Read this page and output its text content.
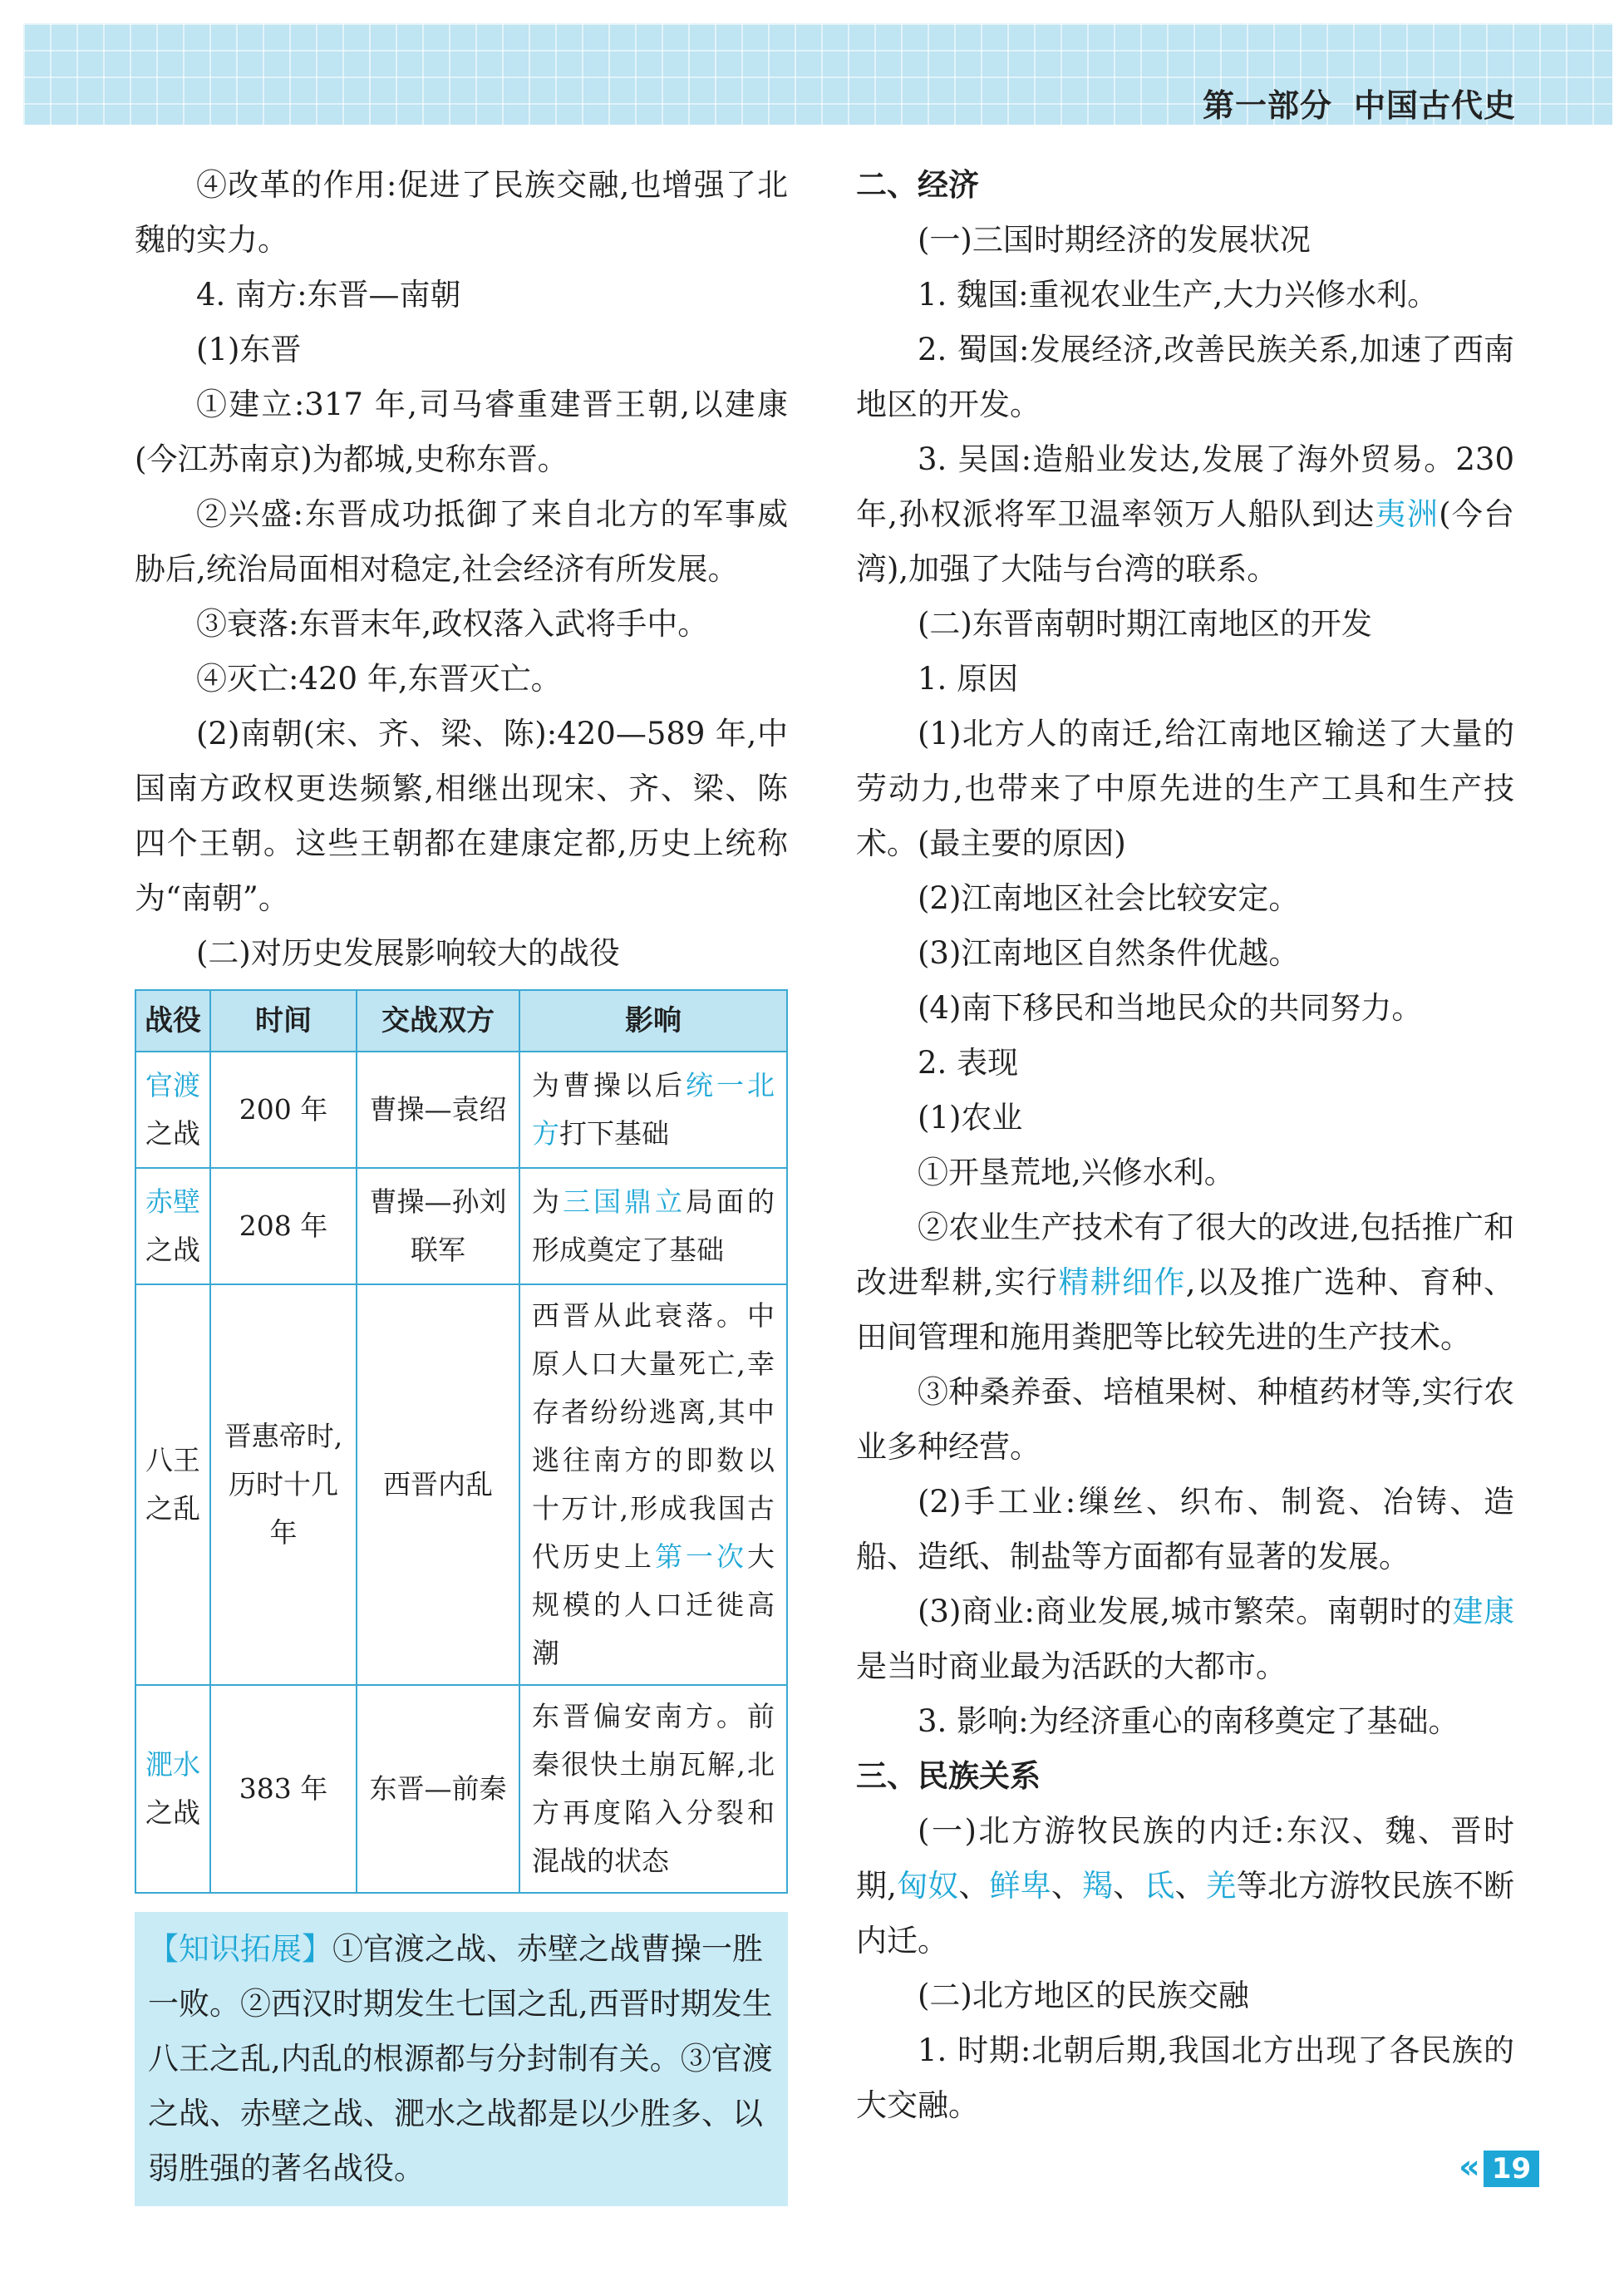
第一部分 中国古代史

④改革的作用:促进了民族交融,也增强了北魏的实力。

4. 南方:东晋—南朝

(1)东晋

①建立:317 年,司马睿重建晋王朝,以建康(今江苏南京)为都城,史称东晋。

②兴盛:东晋成功抵御了来自北方的军事威胁后,统治局面相对稳定,社会经济有所发展。

③衰落:东晋末年,政权落入武将手中。

④灭亡:420 年,东晋灭亡。

(2)南朝(宋、齐、梁、陈):420—589 年,中国南方政权更迭频繁,相继出现宋、齐、梁、陈四个王朝。这些王朝都在建康定都,历史上统称为“南朝”。

(二)对历史发展影响较大的战役

战役	时间	交战双方	影响
官渡
之战	200 年	曹操—袁绍	为曹操以后统一北方打下基础
赤壁
之战	208 年	曹操—孙刘联军	为三国鼎立局面的形成奠定了基础
八王
之乱	晋惠帝时,历时十几年	西晋内乱	西晋从此衰落。中原人口大量死亡,幸存者纷纷逃离,其中逃往南方的即数以十万计,形成我国古代历史上第一次大规模的人口迁徙高潮
淝水
之战	383 年	东晋—前秦	东晋偏安南方。前秦很快土崩瓦解,北方再度陷入分裂和混战的状态
【知识拓展】①官渡之战、赤壁之战曹操一胜一败。②西汉时期发生七国之乱,西晋时期发生八王之乱,内乱的根源都与分封制有关。③官渡之战、赤壁之战、淝水之战都是以少胜多、以弱胜强的著名战役。

二、经济

(一)三国时期经济的发展状况

1. 魏国:重视农业生产,大力兴修水利。

2. 蜀国:发展经济,改善民族关系,加速了西南地区的开发。

3. 吴国:造船业发达,发展了海外贸易。230 年,孙权派将军卫温率领万人船队到达夷洲(今台湾),加强了大陆与台湾的联系。

(二)东晋南朝时期江南地区的开发

1. 原因

(1)北方人的南迁,给江南地区输送了大量的劳动力,也带来了中原先进的生产工具和生产技术。(最主要的原因)

(2)江南地区社会比较安定。

(3)江南地区自然条件优越。

(4)南下移民和当地民众的共同努力。

2. 表现

(1)农业

①开垦荒地,兴修水利。

②农业生产技术有了很大的改进,包括推广和改进犁耕,实行精耕细作,以及推广选种、育种、田间管理和施用粪肥等比较先进的生产技术。

③种桑养蚕、培植果树、种植药材等,实行农业多种经营。

(2)手工业:缫丝、织布、制瓷、冶铸、造船、造纸、制盐等方面都有显著的发展。

(3)商业:商业发展,城市繁荣。南朝时的建康是当时商业最为活跃的大都市。

3. 影响:为经济重心的南移奠定了基础。

三、民族关系

(一)北方游牧民族的内迁:东汉、魏、晋时期,匈奴、鲜卑、羯、氐、羌等北方游牧民族不断内迁。

(二)北方地区的民族交融

1. 时期:北朝后期,我国北方出现了各民族的大交融。

« 19
